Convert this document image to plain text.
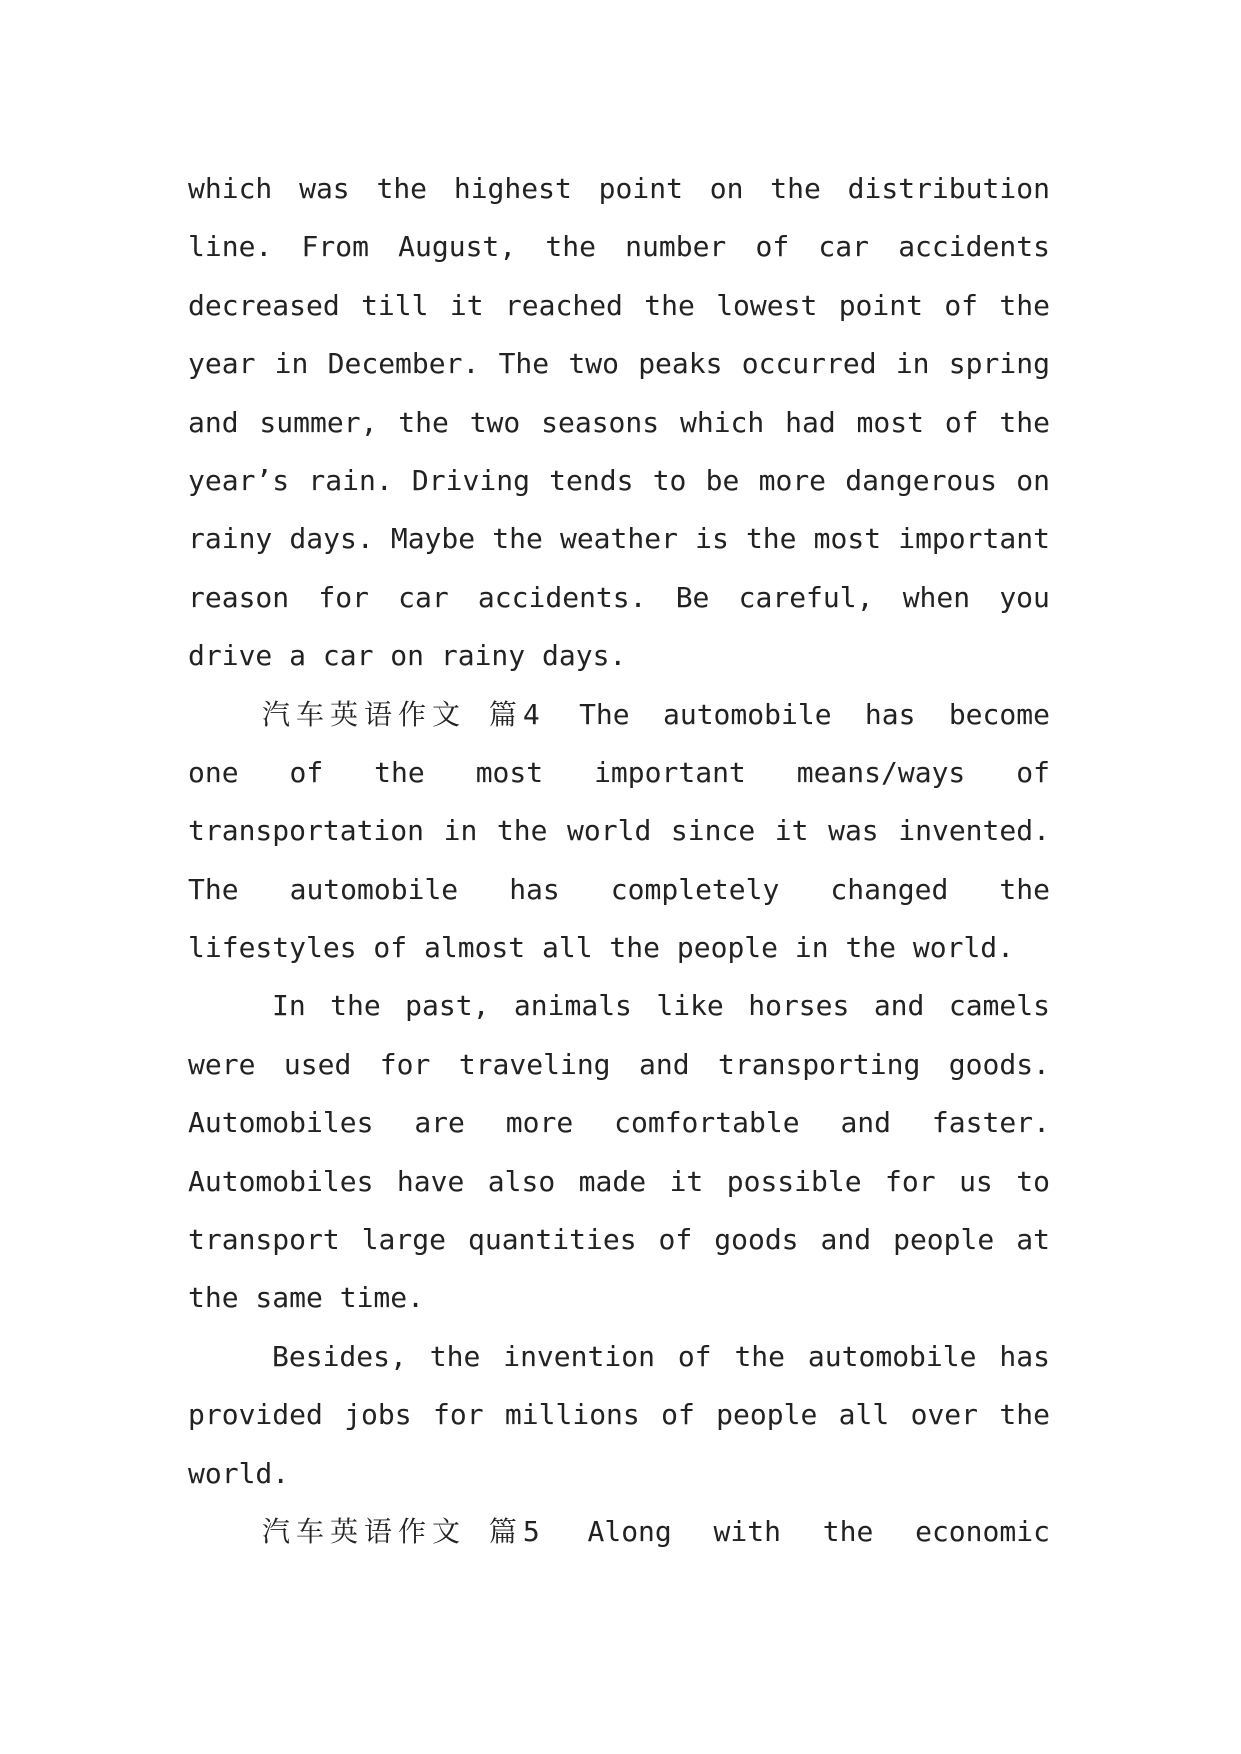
which was the highest point on the distribution
line. From August, the number of car accidents
decreased till it reached the lowest point of the
year in December. The two peaks occurred in spring
and summer, the two seasons which had most of the
year’s rain. Driving tends to be more dangerous on
rainy days. Maybe the weather is the most important
reason for car accidents. Be careful, when you
drive a car on rainy days.
汽车英语作文 篇4 The automobile has become
one of the most important means/ways of
transportation in the world since it was invented.
The automobile has completely changed the
lifestyles of almost all the people in the world.
In the past, animals like horses and camels
were used for traveling and transporting goods.
Automobiles are more comfortable and faster.
Automobiles have also made it possible for us to
transport large quantities of goods and people at
the same time.
Besides, the invention of the automobile has
provided jobs for millions of people all over the
world.
汽车英语作文 篇5 Along with the economic
